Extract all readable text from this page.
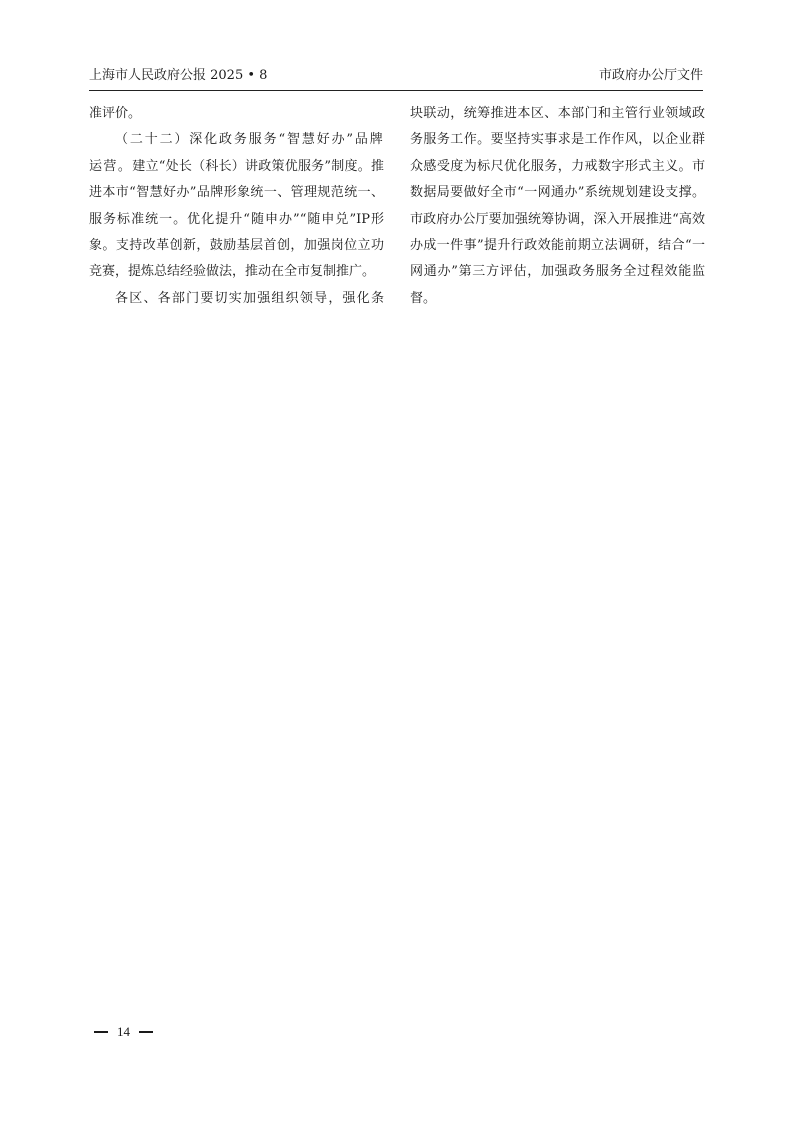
上海市人民政府公报 2025 • 8	市政府办公厅文件

准评价。

（二十二）深化政务服务“智慧好办”品牌运营。建立“处长（科长）讲政策优服务”制度。推进本市“智慧好办”品牌形象统一、管理规范统一、服务标准统一。优化提升“随申办”“随申兑”IP形象。支持改革创新，鼓励基层首创，加强岗位立功竞赛，提炼总结经验做法，推动在全市复制推广。

各区、各部门要切实加强组织领导，强化条

块联动，统筹推进本区、本部门和主管行业领域政务服务工作。要坚持实事求是工作作风，以企业群众感受度为标尺优化服务，力戒数字形式主义。市数据局要做好全市“一网通办”系统规划建设支撑。市政府办公厅要加强统筹协调，深入开展推进“高效办成一件事”提升行政效能前期立法调研，结合“一网通办”第三方评估，加强政务服务全过程效能监督。

14
